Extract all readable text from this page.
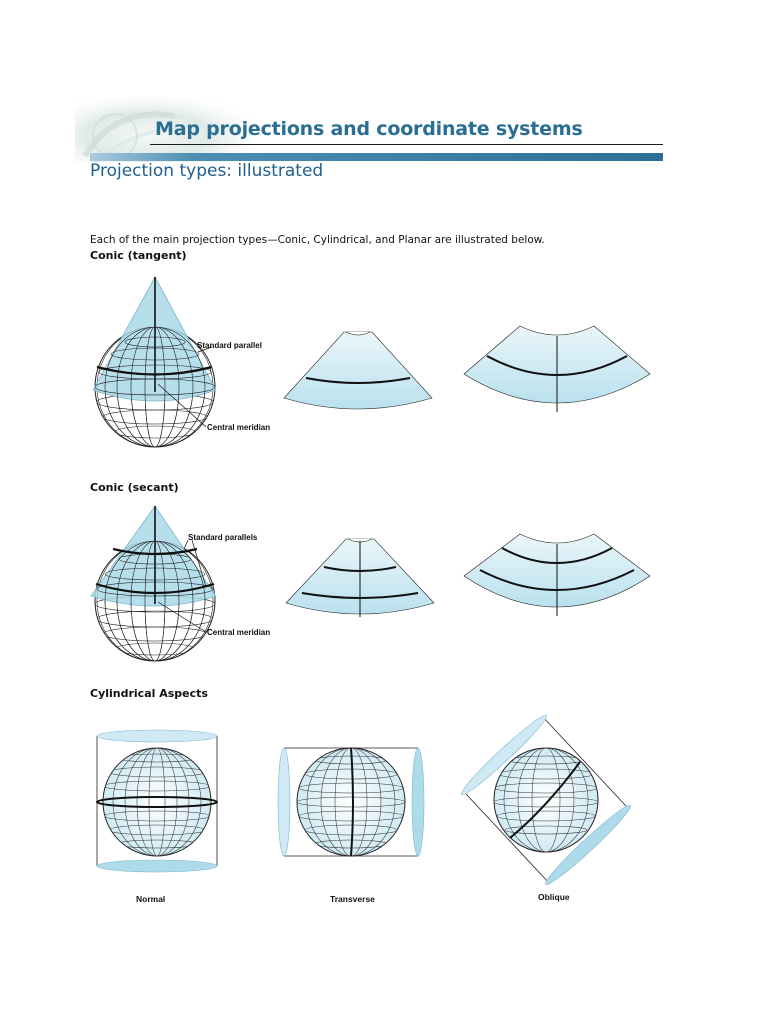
Map projections and coordinate systems
Projection types: illustrated
Each of the main projection types—Conic, Cylindrical, and Planar are illustrated below.
Conic (tangent)
Standard parallel
Central meridian
Conic (secant)
Standard parallels
Central meridian
Cylindrical Aspects
Normal	Transverse	Oblique
